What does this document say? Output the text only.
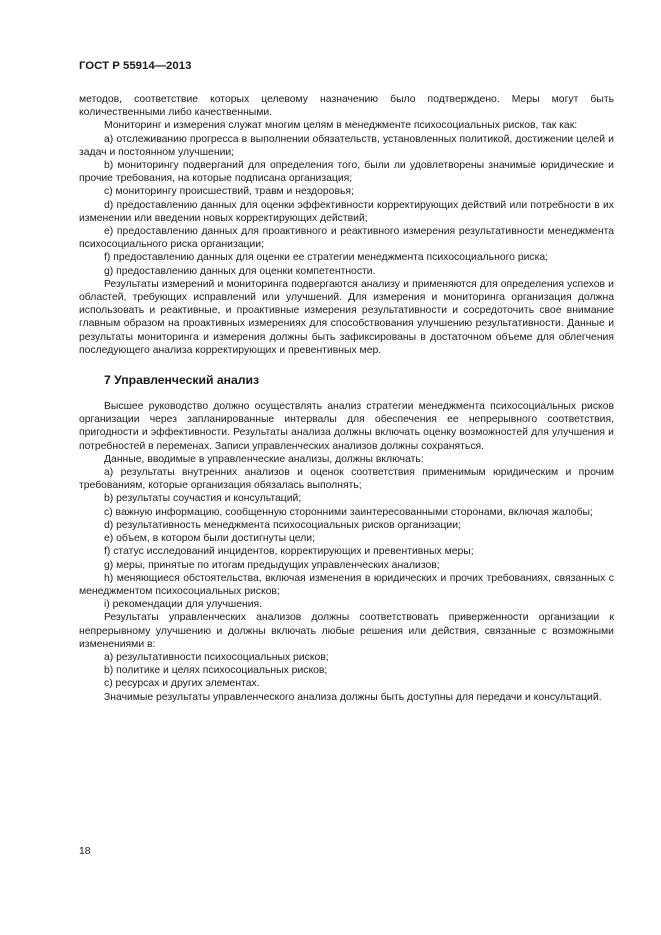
ГОСТ Р 55914—2013

методов, соответствие которых целевому назначению было подтверждено. Меры могут быть количественными либо качественными.

Мониторинг и измерения служат многим целям в менеджменте психосоциальных рисков, так как:

a) отслеживанию прогресса в выполнении обязательств, установленных политикой, достижении целей и задач и постоянном улучшении;

b) мониторингу подверганий для определения того, были ли удовлетворены значимые юридические и прочие требования, на которые подписана организация;

c) мониторингу происшествий, травм и нездоровья;

d) предоставлению данных для оценки эффективности корректирующих действий или потребности в их изменении или введении новых корректирующих действий;

e) предоставлению данных для проактивного и реактивного измерения результативности менеджмента психосоциального риска организации;

f) предоставлению данных для оценки ее стратегии менеджмента психосоциального риска;

g) предоставлению данных для оценки компетентности.

Результаты измерений и мониторинга подвергаются анализу и применяются для определения успехов и областей, требующих исправлений или улучшений. Для измерения и мониторинга организация должна использовать и реактивные, и проактивные измерения результативности и сосредоточить свое внимание главным образом на проактивных измерениях для способствования улучшению результативности. Данные и результаты мониторинга и измерения должны быть зафиксированы в достаточном объеме для облегчения последующего анализа корректирующих и превентивных мер.

7 Управленческий анализ

Высшее руководство должно осуществлять анализ стратегии менеджмента психосоциальных рисков организации через запланированные интервалы для обеспечения ее непрерывного соответствия, пригодности и эффективности. Результаты анализа должны включать оценку возможностей для улучшения и потребностей в переменах. Записи управленческих анализов должны сохраняться.

Данные, вводимые в управленческие анализы, должны включать:

a) результаты внутренних анализов и оценок соответствия применимым юридическим и прочим требованиям, которые организация обязалась выполнять;

b) результаты соучастия и консультаций;

c) важную информацию, сообщенную сторонними заинтересованными сторонами, включая жалобы;

d) результативность менеджмента психосоциальных рисков организации;

e) объем, в котором были достигнуты цели;

f) статус исследований инцидентов, корректирующих и превентивных меры;

g) меры, принятые по итогам предыдущих управленческих анализов;

h) меняющиеся обстоятельства, включая изменения в юридических и прочих требованиях, связанных с менеджментом психосоциальных рисков;

i) рекомендации для улучшения.

Результаты управленческих анализов должны соответствовать приверженности организации к непрерывному улучшению и должны включать любые решения или действия, связанные с возможными изменениями в:

a) результативности психосоциальных рисков;

b) политике и целях психосоциальных рисков;

c) ресурсах и других элементах.

Значимые результаты управленческого анализа должны быть доступны для передачи и консультаций.

18
